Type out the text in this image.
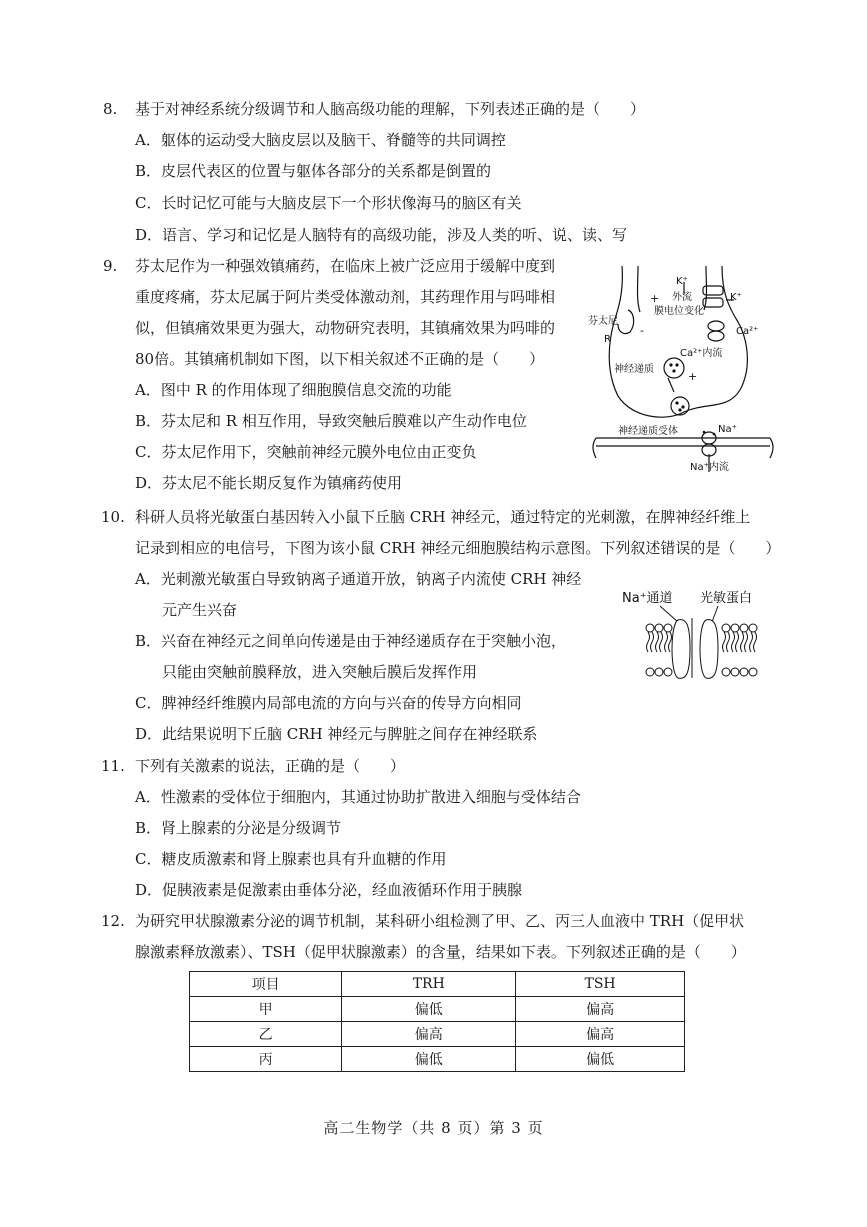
8. 基于对神经系统分级调节和人脑高级功能的理解，下列表述正确的是（　　）
A．躯体的运动受大脑皮层以及脑干、脊髓等的共同调控
B．皮层代表区的位置与躯体各部分的关系都是倒置的
C．长时记忆可能与大脑皮层下一个形状像海马的脑区有关
D．语言、学习和记忆是人脑特有的高级功能，涉及人类的听、说、读、写
9. 芬太尼作为一种强效镇痛药，在临床上被广泛应用于缓解中度到
重度疼痛，芬太尼属于阿片类受体激动剂，其药理作用与吗啡相
似，但镇痛效果更为强大，动物研究表明，其镇痛效果为吗啡的
80倍。其镇痛机制如下图，以下相关叙述不正确的是（　　）
A．图中 R 的作用体现了细胞膜信息交流的功能
B．芬太尼和 R 相互作用，导致突触后膜难以产生动作电位
C．芬太尼作用下，突触前神经元膜外电位由正变负
D．芬太尼不能长期反复作为镇痛药使用
K⁺
外流	K⁺
膜电位变化
Ca²⁺
芬太尼
R
Ca²⁺内流
神经递质
神经递质受体	Na⁺
Na⁺内流
+
+
-
10. 科研人员将光敏蛋白基因转入小鼠下丘脑 CRH 神经元，通过特定的光刺激，在脾神经纤维上
记录到相应的电信号，下图为该小鼠 CRH 神经元细胞膜结构示意图。下列叙述错误的是（　　）
A．光刺激光敏蛋白导致钠离子通道开放，钠离子内流使 CRH 神经
元产生兴奋
B．兴奋在神经元之间单向传递是由于神经递质存在于突触小泡，
只能由突触前膜释放，进入突触后膜后发挥作用
C．脾神经纤维膜内局部电流的方向与兴奋的传导方向相同
D．此结果说明下丘脑 CRH 神经元与脾脏之间存在神经联系
Na⁺通道 光敏蛋白
11. 下列有关激素的说法，正确的是（　　）
A．性激素的受体位于细胞内，其通过协助扩散进入细胞与受体结合
B．肾上腺素的分泌是分级调节
C．糖皮质激素和肾上腺素也具有升血糖的作用
D．促胰液素是促激素由垂体分泌，经血液循环作用于胰腺
12. 为研究甲状腺激素分泌的调节机制，某科研小组检测了甲、乙、丙三人血液中 TRH（促甲状
腺激素释放激素）、TSH（促甲状腺激素）的含量，结果如下表。下列叙述正确的是（　　）
项目	TRH	TSH
甲	偏低	偏高
乙	偏高	偏高
丙	偏低	偏低
高二生物学（共 8 页）第 3 页
